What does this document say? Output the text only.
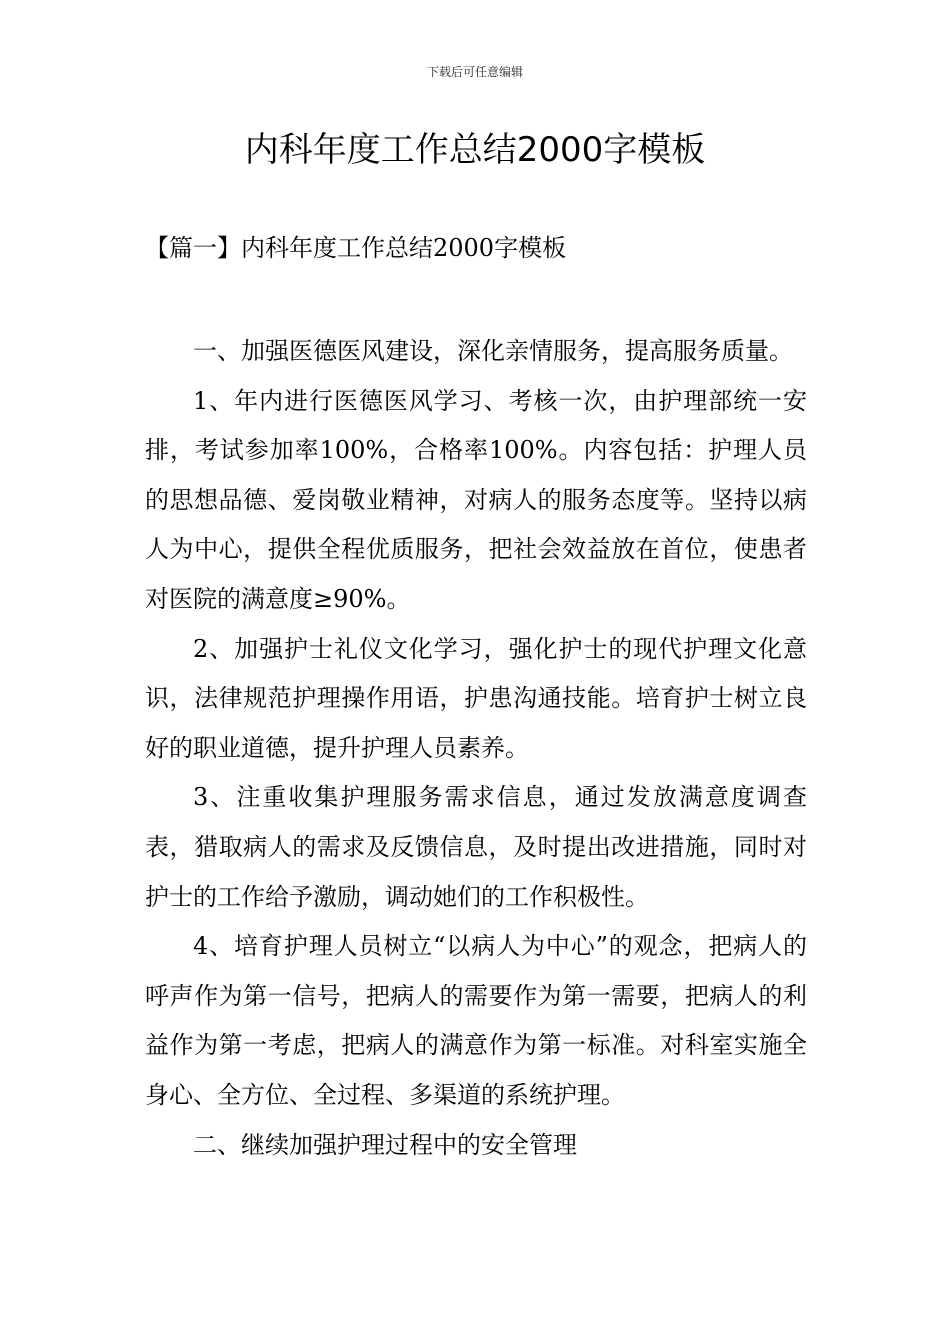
下载后可任意编辑
内科年度工作总结2000字模板
【篇一】内科年度工作总结2000字模板

一、加强医德医风建设，深化亲情服务，提高服务质量。

1、年内进行医德医风学习、考核一次，由护理部统一安排，考试参加率100%，合格率100%。内容包括：护理人员的思想品德、爱岗敬业精神，对病人的服务态度等。坚持以病人为中心，提供全程优质服务，把社会效益放在首位，使患者对医院的满意度≥90%。

2、加强护士礼仪文化学习，强化护士的现代护理文化意识，法律规范护理操作用语，护患沟通技能。培育护士树立良好的职业道德，提升护理人员素养。

3、注重收集护理服务需求信息，通过发放满意度调查表，猎取病人的需求及反馈信息，及时提出改进措施，同时对护士的工作给予激励，调动她们的工作积极性。

4、培育护理人员树立“以病人为中心”的观念，把病人的呼声作为第一信号，把病人的需要作为第一需要，把病人的利益作为第一考虑，把病人的满意作为第一标准。对科室实施全身心、全方位、全过程、多渠道的系统护理。

二、继续加强护理过程中的安全管理
